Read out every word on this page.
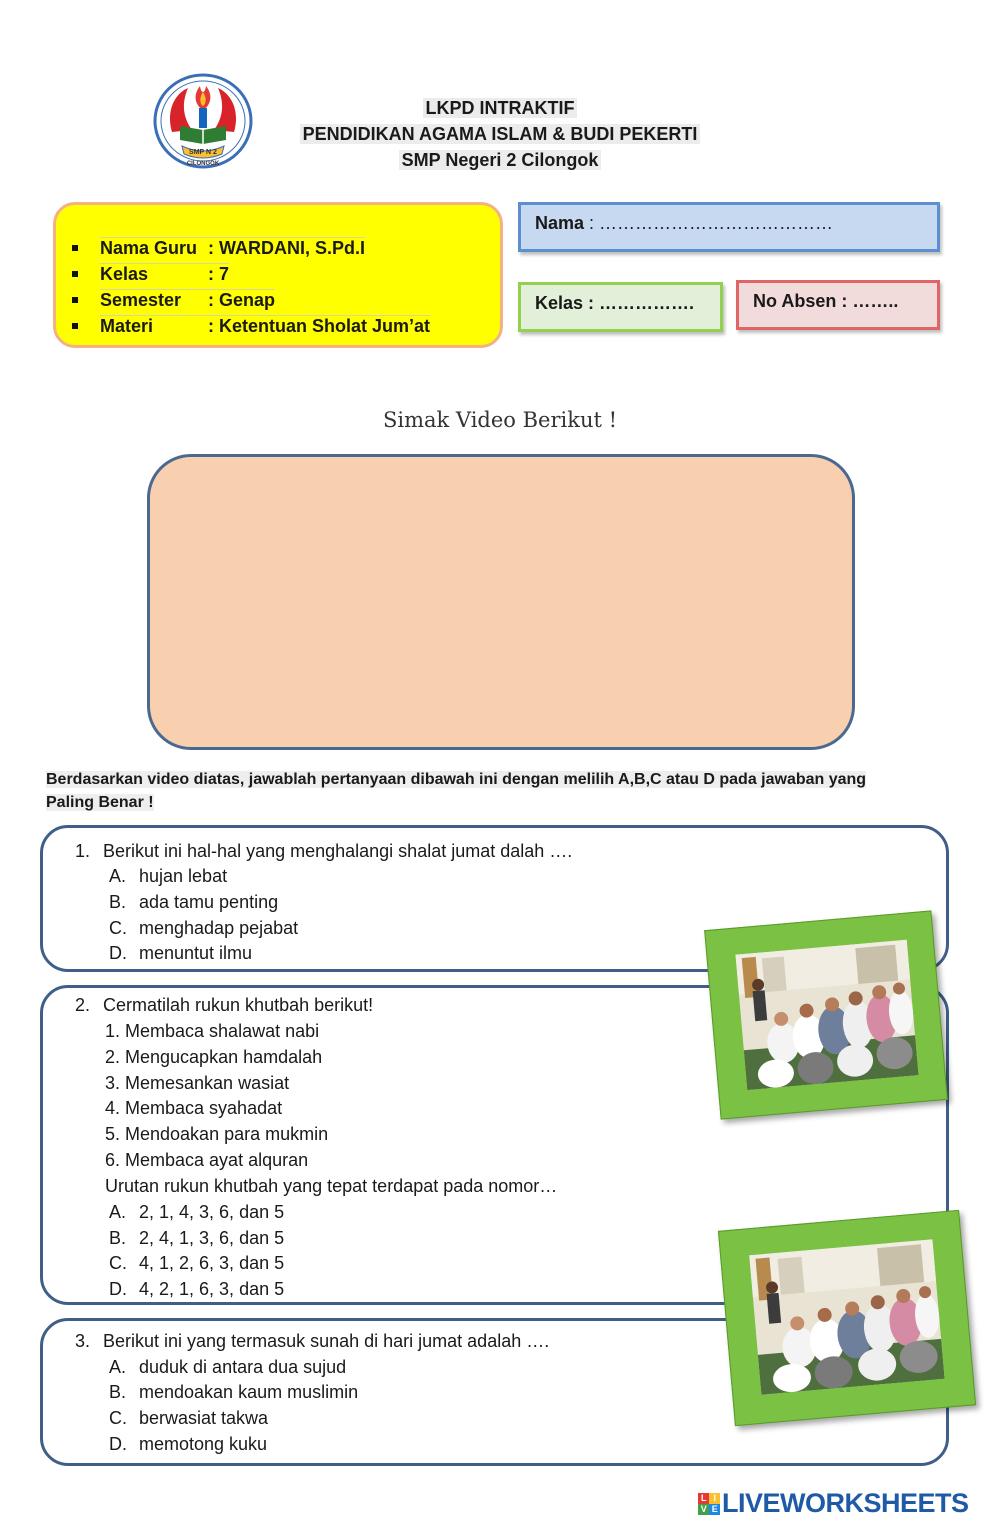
SMP N 2
CILONGOK
LKPD INTRAKTIF
PENDIDIKAN AGAMA ISLAM & BUDI PEKERTI
SMP Negeri 2 Cilongok
Nama Guru : WARDANI, S.Pd.I
Kelas	: 7
Semester : Genap
Materi	: Ketentuan Sholat Jum’at
Nama : …………………………………
Kelas : …………….	No Absen : ……..
Simak Video Berikut !
Berdasarkan video diatas, jawablah pertanyaan dibawah ini dengan melilih A,B,C atau D pada jawaban yang
Paling Benar !
1. Berikut ini hal-hal yang menghalangi shalat jumat dalah ….
A. hujan lebat
B. ada tamu penting
C. menghadap pejabat
D. menuntut ilmu
2. Cermatilah rukun khutbah berikut!
1. Membaca shalawat nabi
2. Mengucapkan hamdalah
3. Memesankan wasiat
4. Membaca syahadat
5. Mendoakan para mukmin
6. Membaca ayat alquran
Urutan rukun khutbah yang tepat terdapat pada nomor…
A. 2, 1, 4, 3, 6, dan 5
B. 2, 4, 1, 3, 6, dan 5
C. 4, 1, 2, 6, 3, dan 5
D. 4, 2, 1, 6, 3, dan 5
3. Berikut ini yang termasuk sunah di hari jumat adalah ….
A. duduk di antara dua sujud
B. mendoakan kaum muslimin
C. berwasiat takwa
D. memotong kuku
L I
V E LIVEWORKSHEETS
